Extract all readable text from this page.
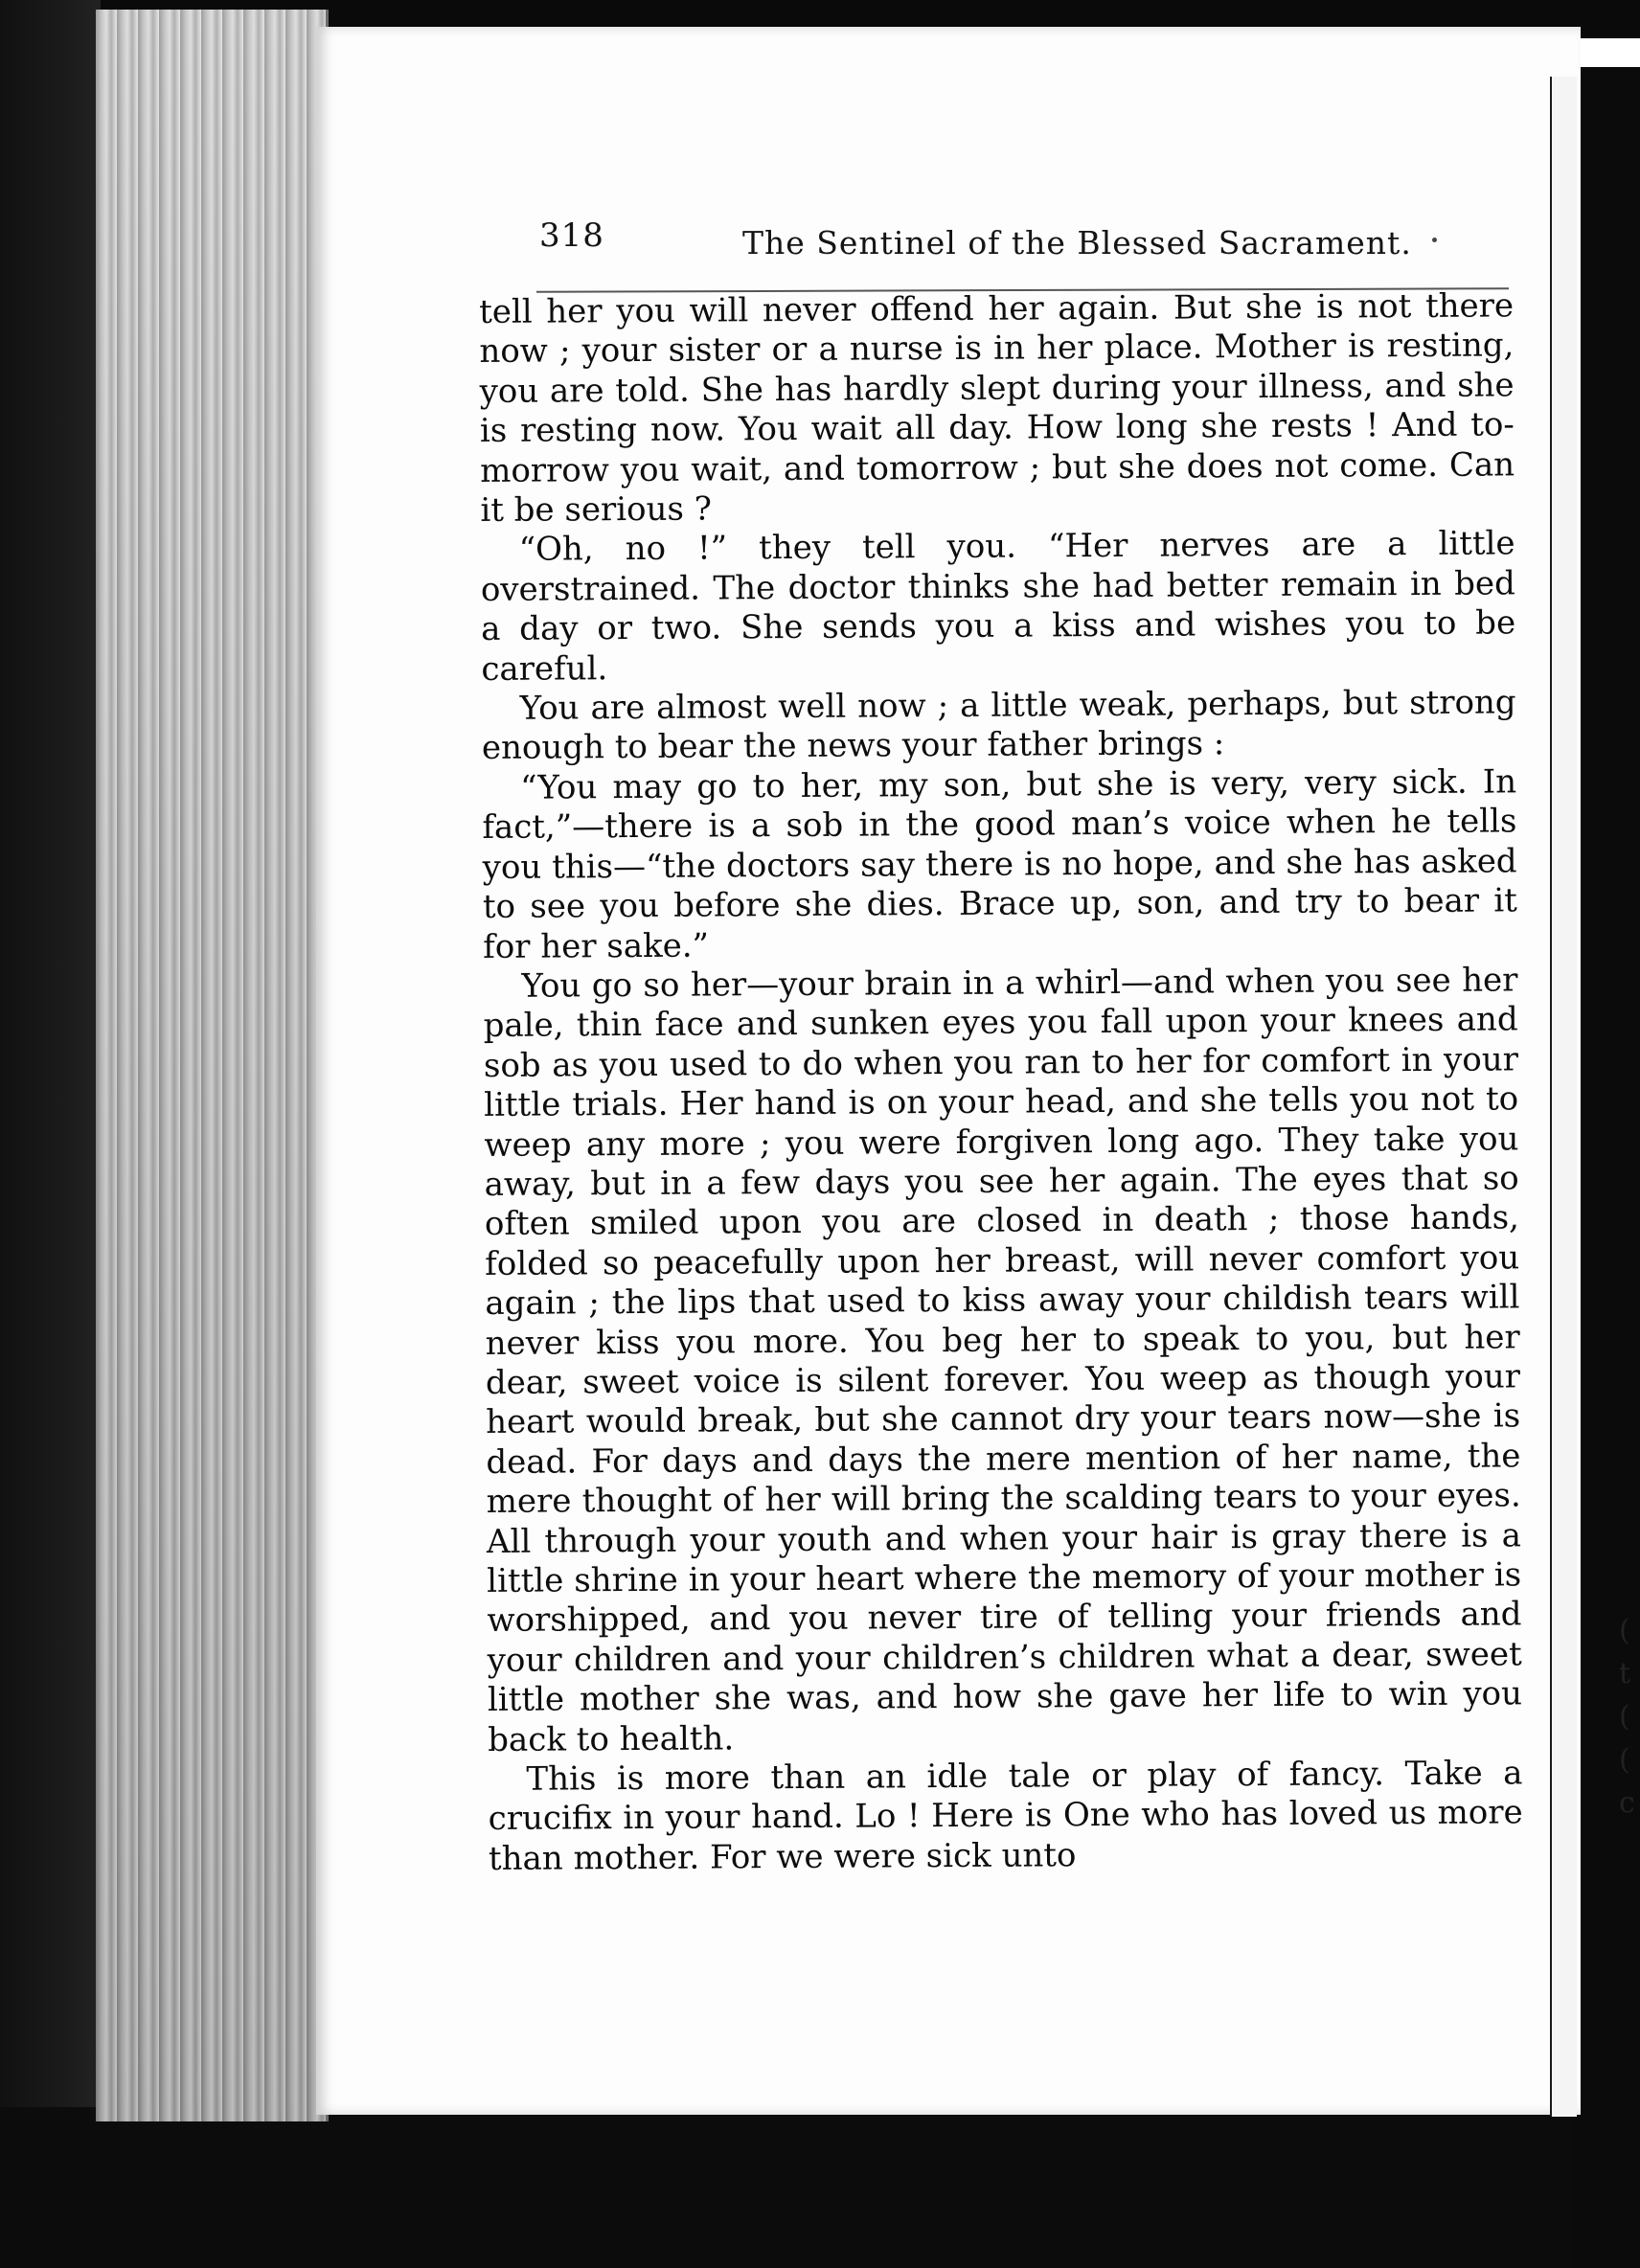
(
t
(
(
c
318	The Sentinel of the Blessed Sacrament.

tell her you will never offend her again. But she is not there now ; your sister or a nurse is in her place. Mother is resting, you are told. She has hardly slept during your illness, and she is resting now. You wait all day. How long she rests ! And to-morrow you wait, and tomorrow ; but she does not come. Can it be serious ?

“Oh, no !” they tell you. “Her nerves are a little overstrained. The doctor thinks she had better remain in bed a day or two. She sends you a kiss and wishes you to be careful.

You are almost well now ; a little weak, perhaps, but strong enough to bear the news your father brings :

“You may go to her, my son, but she is very, very sick. In fact,”—there is a sob in the good man’s voice when he tells you this—“the doctors say there is no hope, and she has asked to see you before she dies. Brace up, son, and try to bear it for her sake.”

You go so her—your brain in a whirl—and when you see her pale, thin face and sunken eyes you fall upon your knees and sob as you used to do when you ran to her for comfort in your little trials. Her hand is on your head, and she tells you not to weep any more ; you were forgiven long ago. They take you away, but in a few days you see her again. The eyes that so often smiled upon you are closed in death ; those hands, folded so peacefully upon her breast, will never comfort you again ; the lips that used to kiss away your childish tears will never kiss you more. You beg her to speak to you, but her dear, sweet voice is silent forever. You weep as though your heart would break, but she cannot dry your tears now—she is dead. For days and days the mere mention of her name, the mere thought of her will bring the scalding tears to your eyes. All through your youth and when your hair is gray there is a little shrine in your heart where the memory of your mother is worshipped, and you never tire of telling your friends and your children and your children’s children what a dear, sweet little mother she was, and how she gave her life to win you back to health.

This is more than an idle tale or play of fancy. Take a crucifix in your hand. Lo ! Here is One who has loved us more than mother. For we were sick unto
